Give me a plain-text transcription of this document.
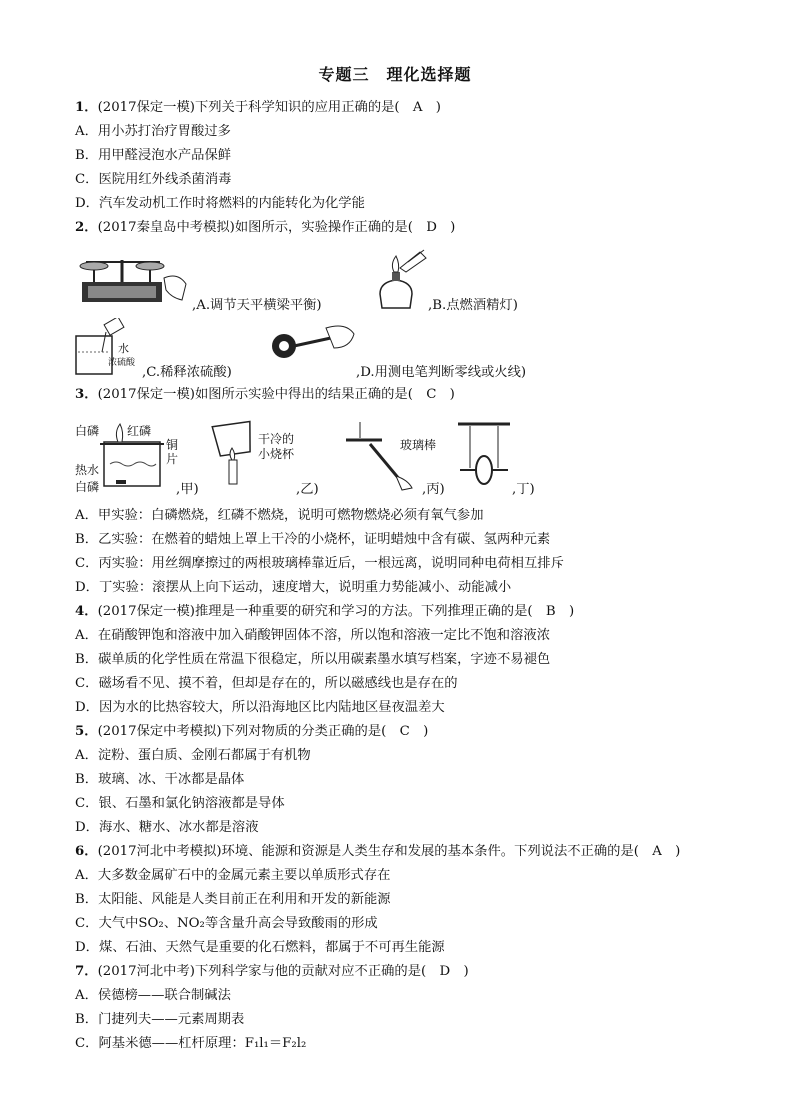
专题三　理化选择题
1．(2017保定一模)下列关于科学知识的应用正确的是(　A　)
A．用小苏打治疗胃酸过多
B．用甲醛浸泡水产品保鲜
C．医院用红外线杀菌消毒
D．汽车发动机工作时将燃料的内能转化为化学能
2．(2017秦皇岛中考模拟)如图所示，实验操作正确的是(　D　)
,A.调节天平横梁平衡)	,B.点燃酒精灯)
水
浓硫酸
,C.稀释浓硫酸)	,D.用测电笔判断零线或火线)
3．(2017保定一模)如图所示实验中得出的结果正确的是(　C　)
白磷 红磷
铜
片
热水
白磷	,甲)
干冷的
小烧杯
,乙)
玻璃棒
,丙)	,丁)
A．甲实验：白磷燃烧，红磷不燃烧，说明可燃物燃烧必须有氧气参加
B．乙实验：在燃着的蜡烛上罩上干冷的小烧杯，证明蜡烛中含有碳、氢两种元素
C．丙实验：用丝绸摩擦过的两根玻璃棒靠近后，一根远离，说明同种电荷相互排斥
D．丁实验：滚摆从上向下运动，速度增大，说明重力势能减小、动能减小
4．(2017保定一模)推理是一种重要的研究和学习的方法。下列推理正确的是(　B　)
A．在硝酸钾饱和溶液中加入硝酸钾固体不溶，所以饱和溶液一定比不饱和溶液浓
B．碳单质的化学性质在常温下很稳定，所以用碳素墨水填写档案，字迹不易褪色
C．磁场看不见、摸不着，但却是存在的，所以磁感线也是存在的
D．因为水的比热容较大，所以沿海地区比内陆地区昼夜温差大
5．(2017保定中考模拟)下列对物质的分类正确的是(　C　)
A．淀粉、蛋白质、金刚石都属于有机物
B．玻璃、冰、干冰都是晶体
C．银、石墨和氯化钠溶液都是导体
D．海水、糖水、冰水都是溶液
6．(2017河北中考模拟)环境、能源和资源是人类生存和发展的基本条件。下列说法不正确的是(　A　)
A．大多数金属矿石中的金属元素主要以单质形式存在
B．太阳能、风能是人类目前正在利用和开发的新能源
C．大气中SO₂、NO₂等含量升高会导致酸雨的形成
D．煤、石油、天然气是重要的化石燃料，都属于不可再生能源
7．(2017河北中考)下列科学家与他的贡献对应不正确的是(　D　)
A．侯德榜——联合制碱法
B．门捷列夫——元素周期表
C．阿基米德——杠杆原理：F₁l₁＝F₂l₂
